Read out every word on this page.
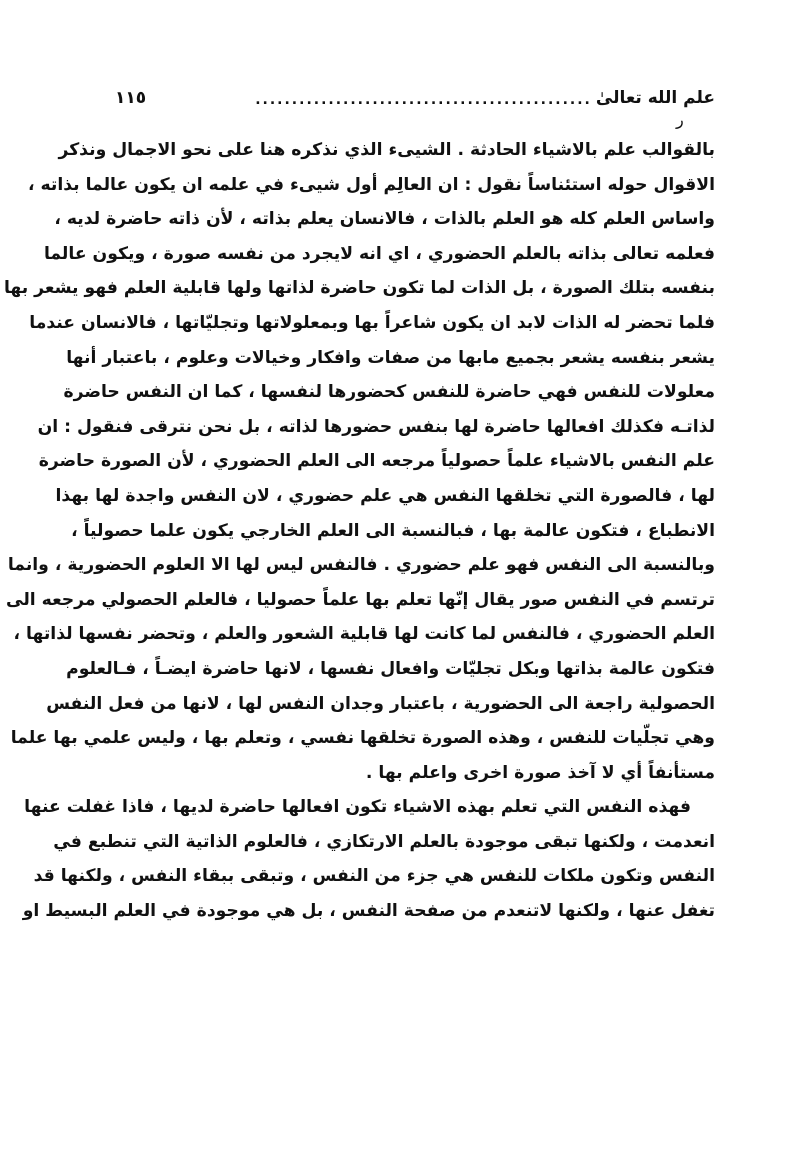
علم الله تعالىٰ
..............................................
١١٥
ر
بالقوالب علم بالاشياء الحادثة . الشيىء الذي نذكره هنا على نحو الاجمال ونذكر
الاقوال حوله استئناساً نقول : ان العالِم أول شيىء في علمه ان يكون عالما بذاته ،
واساس العلم كله هو العلم بالذات ، فالانسان يعلم بذاته ، لأن ذاته حاضرة لديه ،
فعلمه تعالى بذاته بالعلم الحضوري ، اي انه لايجرد من نفسه صورة ، ويكون عالما
بنفسه بتلك الصورة ، بل الذات لما تكون حاضرة لذاتها ولها قابلية العلم فهو يشعر بها
فلما تحضر له الذات لابد ان يكون شاعراً بها وبمعلولاتها وتجليّاتها ، فالانسان عندما
يشعر بنفسه يشعر بجميع مابها من صفات وافكار وخيالات وعلوم ، باعتبار أنها
معلولات للنفس فهي حاضرة للنفس كحضورها لنفسها ، كما ان النفس حاضرة
لذاتـه فكذلك افعالها حاضرة لها بنفس حضورها لذاته ، بل نحن نترقى فنقول : ان
علم النفس بالاشياء علماً حصولياً مرجعه الى العلم الحضوري ، لأن الصورة حاضرة
لها ، فالصورة التي تخلقها النفس هي علم حضوري ، لان النفس واجدة لها بهذا
الانطباع ، فتكون عالمة بها ، فبالنسبة الى العلم الخارجي يكون علما حصولياً ،
وبالنسبة الى النفس فهو علم حضوري . فالنفس ليس لها الا العلوم الحضورية ، وانما
ترتسم في النفس صور يقال إنّها تعلم بها علماً حصوليا ، فالعلم الحصولي مرجعه الى
العلم الحضوري ، فالنفس لما كانت لها قابلية الشعور والعلم ، وتحضر نفسها لذاتها ،
فتكون عالمة بذاتها وبكل تجليّات وافعال نفسها ، لانها حاضرة ايضـاً ، فـالعلوم
الحصولية راجعة الى الحضورية ، باعتبار وجدان النفس لها ، لانها من فعل النفس
وهي تجلّيات للنفس ، وهذه الصورة تخلقها نفسي ، وتعلم بها ، وليس علمي بها علما
مستأنفاً أي لا آخذ صورة اخرى واعلم بها .
فهذه النفس التي تعلم بهذه الاشياء تكون افعالها حاضرة لديها ، فاذا غفلت عنها
انعدمت ، ولكنها تبقى موجودة بالعلم الارتكازي ، فالعلوم الذاتية التي تنطبع في
النفس وتكون ملكات للنفس هي جزء من النفس ، وتبقى ببقاء النفس ، ولكنها قد
تغفل عنها ، ولكنها لاتنعدم من صفحة النفس ، بل هي موجودة في العلم البسيط او
